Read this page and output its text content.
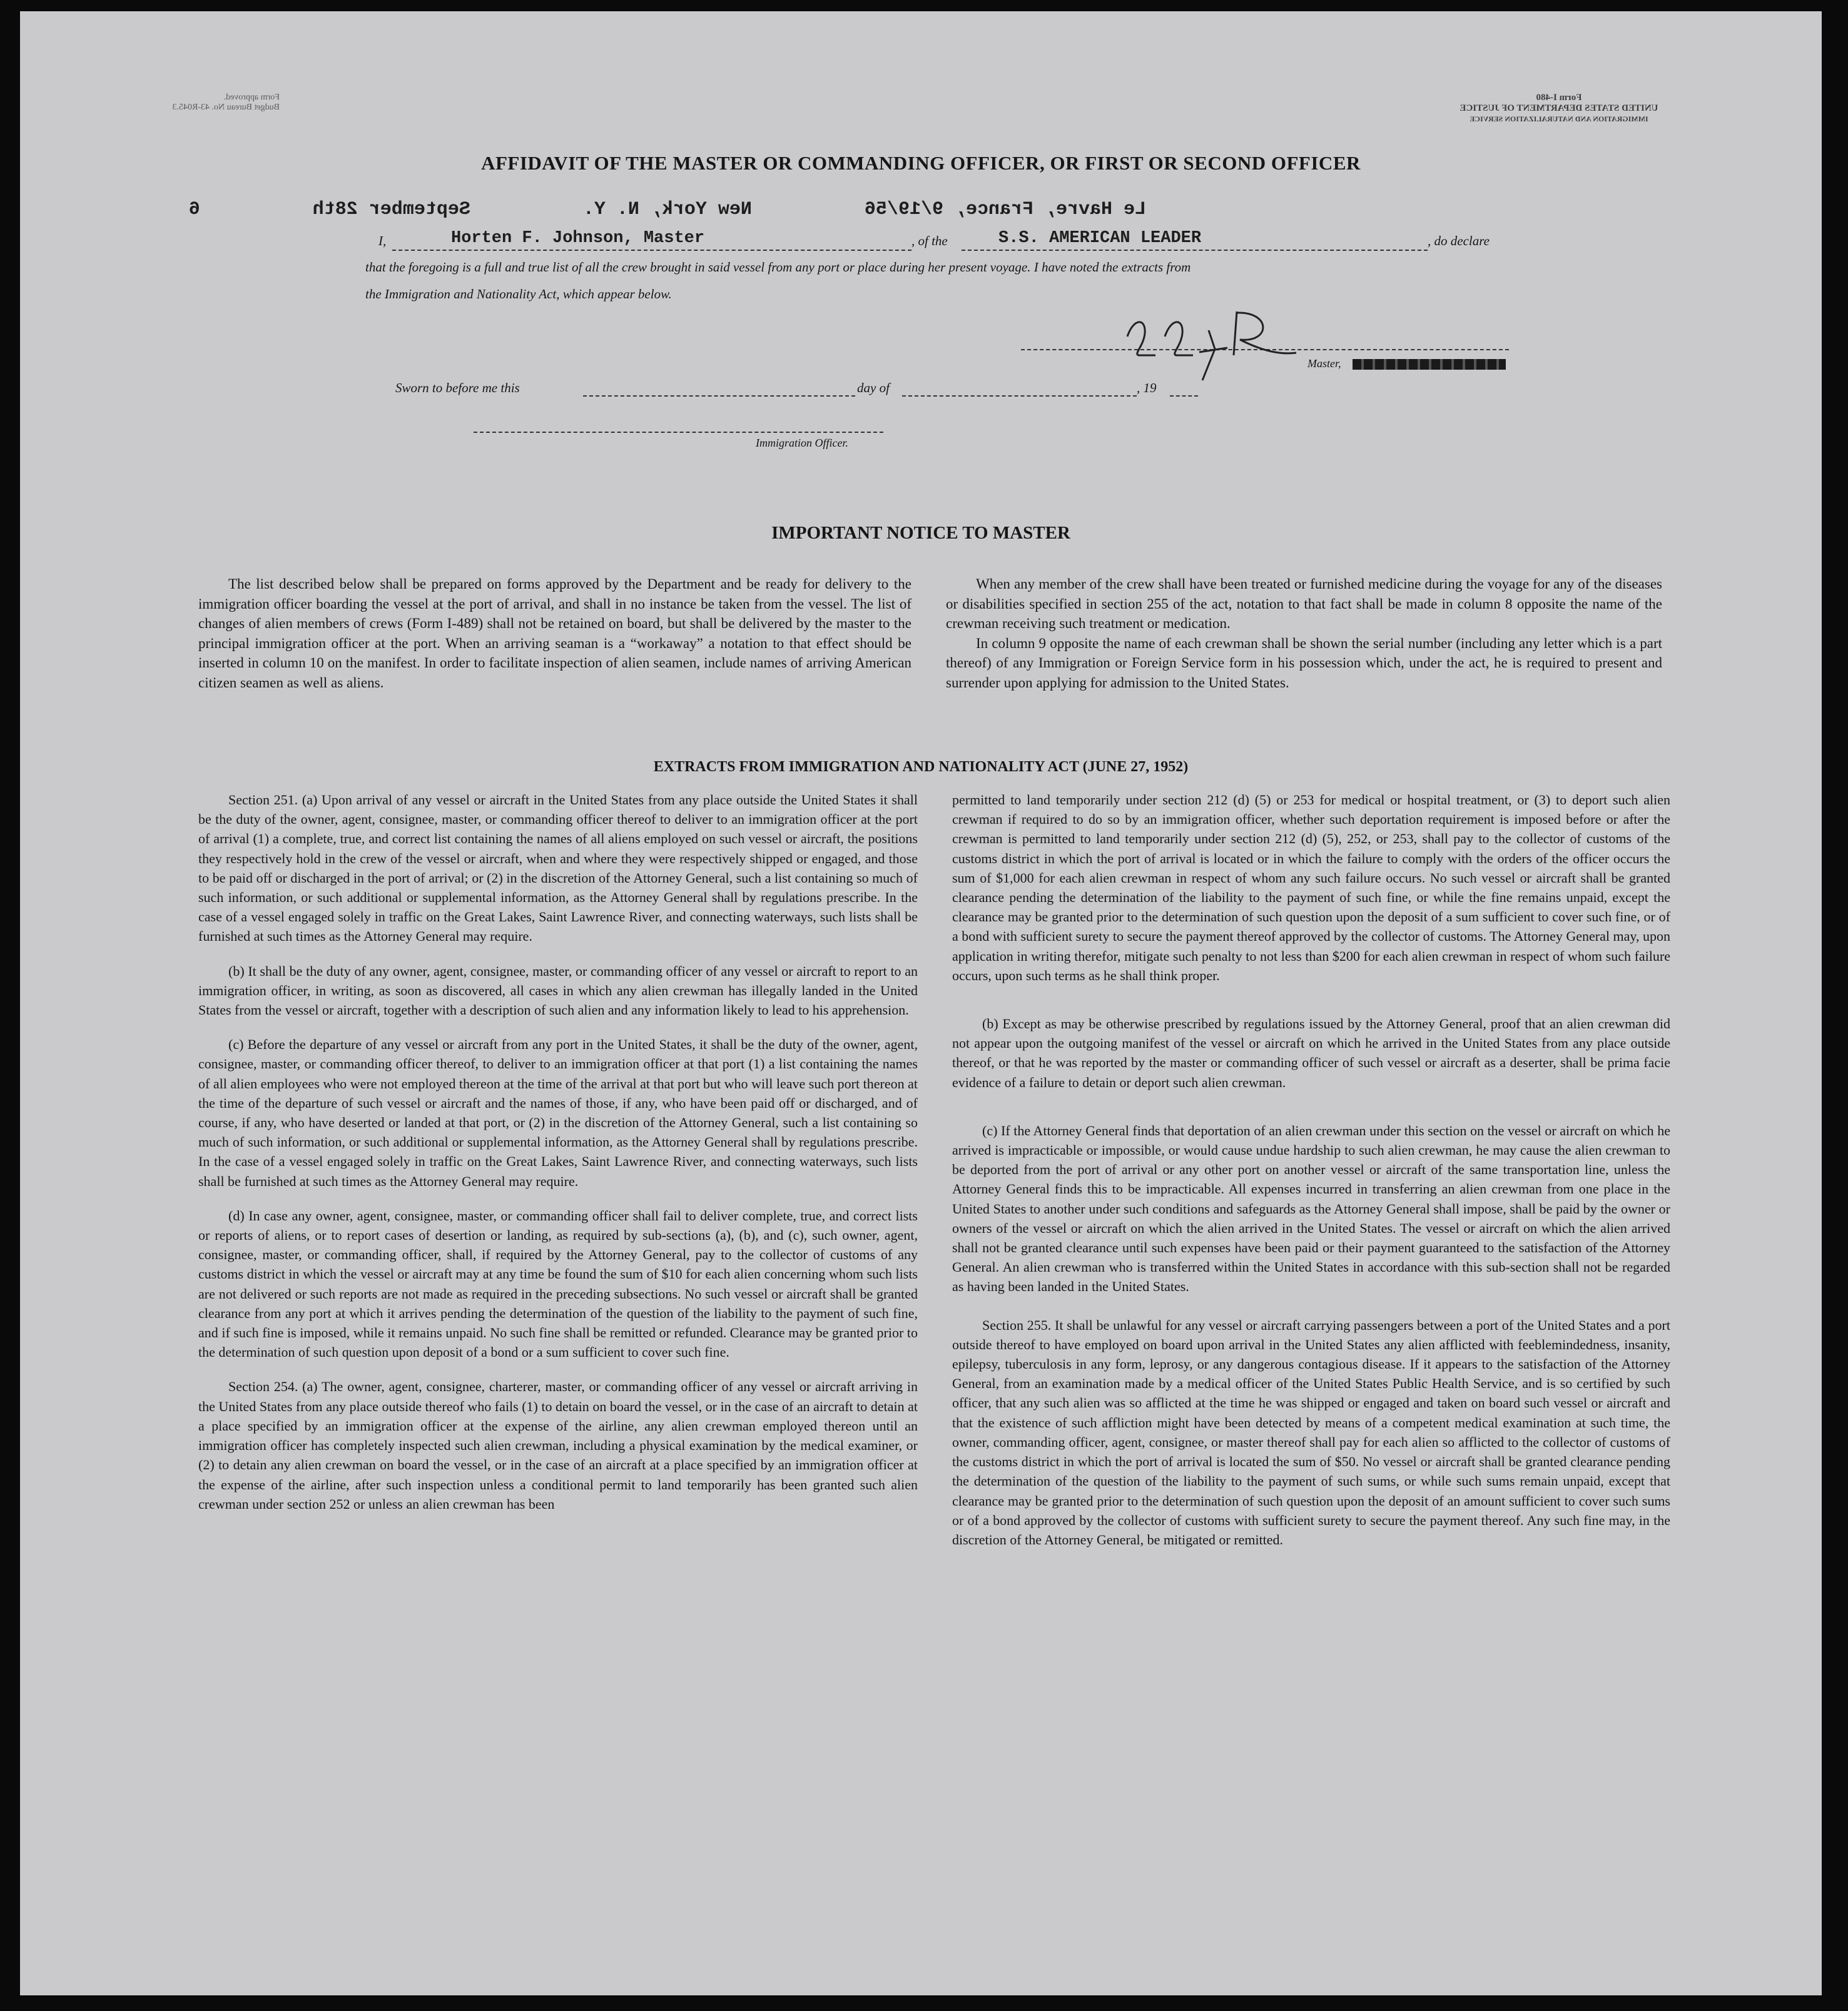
Form approved.
Budget Bureau No. 43-R045.3
Form I-480
UNITED STATES DEPARTMENT OF JUSTICE
IMMIGRATION AND NATURALIZATION SERVICE
AFFIDAVIT OF THE MASTER OR COMMANDING OFFICER, OR FIRST OR SECOND OFFICER
Le Havre, France, 9/19/56          New York, N. Y.          September 28th          6
I,	Horten F. Johnson, Master	, of the	S.S. AMERICAN LEADER	, do declare
that the foregoing is a full and true list of all the crew brought in said vessel from any port or place during her present voyage. I have noted the extracts from
the Immigration and Nationality Act, which appear below.
Master,
Sworn to before me this	day of	, 19
Immigration Officer.
IMPORTANT NOTICE TO MASTER

The list described below shall be prepared on forms approved by the Department and be ready for delivery to the immigration officer boarding the vessel at the port of arrival, and shall in no instance be taken from the vessel. The list of changes of alien members of crews (Form I-489) shall not be retained on board, but shall be delivered by the master to the principal immigration officer at the port. When an arriving seaman is a “workaway” a notation to that effect should be inserted in column 10 on the manifest. In order to facilitate inspection of alien seamen, include names of arriving American citizen seamen as well as aliens.

When any member of the crew shall have been treated or furnished medicine during the voyage for any of the diseases or disabilities specified in section 255 of the act, notation to that fact shall be made in column 8 opposite the name of the crewman receiving such treatment or medication.

In column 9 opposite the name of each crewman shall be shown the serial number (including any letter which is a part thereof) of any Immigration or Foreign Service form in his possession which, under the act, he is required to present and surrender upon applying for admission to the United States.

EXTRACTS FROM IMMIGRATION AND NATIONALITY ACT (JUNE 27, 1952)

Section 251. (a) Upon arrival of any vessel or aircraft in the United States from any place outside the United States it shall be the duty of the owner, agent, consignee, master, or commanding officer thereof to deliver to an immigration officer at the port of arrival (1) a complete, true, and correct list containing the names of all aliens employed on such vessel or aircraft, the positions they respectively hold in the crew of the vessel or aircraft, when and where they were respectively shipped or engaged, and those to be paid off or discharged in the port of arrival; or (2) in the discretion of the Attorney General, such a list containing so much of such information, or such additional or supplemental information, as the Attorney General shall by regulations prescribe. In the case of a vessel engaged solely in traffic on the Great Lakes, Saint Lawrence River, and connecting waterways, such lists shall be furnished at such times as the Attorney General may require.

(b) It shall be the duty of any owner, agent, consignee, master, or commanding officer of any vessel or aircraft to report to an immigration officer, in writing, as soon as discovered, all cases in which any alien crewman has illegally landed in the United States from the vessel or aircraft, together with a description of such alien and any information likely to lead to his apprehension.

(c) Before the departure of any vessel or aircraft from any port in the United States, it shall be the duty of the owner, agent, consignee, master, or commanding officer thereof, to deliver to an immigration officer at that port (1) a list containing the names of all alien employees who were not employed thereon at the time of the arrival at that port but who will leave such port thereon at the time of the departure of such vessel or aircraft and the names of those, if any, who have been paid off or discharged, and of course, if any, who have deserted or landed at that port, or (2) in the discretion of the Attorney General, such a list containing so much of such information, or such additional or supplemental information, as the Attorney General shall by regulations prescribe. In the case of a vessel engaged solely in traffic on the Great Lakes, Saint Lawrence River, and connecting waterways, such lists shall be furnished at such times as the Attorney General may require.

(d) In case any owner, agent, consignee, master, or commanding officer shall fail to deliver complete, true, and correct lists or reports of aliens, or to report cases of desertion or landing, as required by sub-sections (a), (b), and (c), such owner, agent, consignee, master, or commanding officer, shall, if required by the Attorney General, pay to the collector of customs of any customs district in which the vessel or aircraft may at any time be found the sum of $10 for each alien concerning whom such lists are not delivered or such reports are not made as required in the preceding subsections. No such vessel or aircraft shall be granted clearance from any port at which it arrives pending the determination of the question of the liability to the payment of such fine, and if such fine is imposed, while it remains unpaid. No such fine shall be remitted or refunded. Clearance may be granted prior to the determination of such question upon deposit of a bond or a sum sufficient to cover such fine.

Section 254. (a) The owner, agent, consignee, charterer, master, or commanding officer of any vessel or aircraft arriving in the United States from any place outside thereof who fails (1) to detain on board the vessel, or in the case of an aircraft to detain at a place specified by an immigration officer at the expense of the airline, any alien crewman employed thereon until an immigration officer has completely inspected such alien crewman, including a physical examination by the medical examiner, or (2) to detain any alien crewman on board the vessel, or in the case of an aircraft at a place specified by an immigration officer at the expense of the airline, after such inspection unless a conditional permit to land temporarily has been granted such alien crewman under section 252 or unless an alien crewman has been

permitted to land temporarily under section 212 (d) (5) or 253 for medical or hospital treatment, or (3) to deport such alien crewman if required to do so by an immigration officer, whether such deportation requirement is imposed before or after the crewman is permitted to land temporarily under section 212 (d) (5), 252, or 253, shall pay to the collector of customs of the customs district in which the port of arrival is located or in which the failure to comply with the orders of the officer occurs the sum of $1,000 for each alien crewman in respect of whom any such failure occurs. No such vessel or aircraft shall be granted clearance pending the determination of the liability to the payment of such fine, or while the fine remains unpaid, except the clearance may be granted prior to the determination of such question upon the deposit of a sum sufficient to cover such fine, or of a bond with sufficient surety to secure the payment thereof approved by the collector of customs. The Attorney General may, upon application in writing therefor, mitigate such penalty to not less than $200 for each alien crewman in respect of whom such failure occurs, upon such terms as he shall think proper.

(b) Except as may be otherwise prescribed by regulations issued by the Attorney General, proof that an alien crewman did not appear upon the outgoing manifest of the vessel or aircraft on which he arrived in the United States from any place outside thereof, or that he was reported by the master or commanding officer of such vessel or aircraft as a deserter, shall be prima facie evidence of a failure to detain or deport such alien crewman.

(c) If the Attorney General finds that deportation of an alien crewman under this section on the vessel or aircraft on which he arrived is impracticable or impossible, or would cause undue hardship to such alien crewman, he may cause the alien crewman to be deported from the port of arrival or any other port on another vessel or aircraft of the same transportation line, unless the Attorney General finds this to be impracticable. All expenses incurred in transferring an alien crewman from one place in the United States to another under such conditions and safeguards as the Attorney General shall impose, shall be paid by the owner or owners of the vessel or aircraft on which the alien arrived in the United States. The vessel or aircraft on which the alien arrived shall not be granted clearance until such expenses have been paid or their payment guaranteed to the satisfaction of the Attorney General. An alien crewman who is transferred within the United States in accordance with this sub-section shall not be regarded as having been landed in the United States.

Section 255. It shall be unlawful for any vessel or aircraft carrying passengers between a port of the United States and a port outside thereof to have employed on board upon arrival in the United States any alien afflicted with feeblemindedness, insanity, epilepsy, tuberculosis in any form, leprosy, or any dangerous contagious disease. If it appears to the satisfaction of the Attorney General, from an examination made by a medical officer of the United States Public Health Service, and is so certified by such officer, that any such alien was so afflicted at the time he was shipped or engaged and taken on board such vessel or aircraft and that the existence of such affliction might have been detected by means of a competent medical examination at such time, the owner, commanding officer, agent, consignee, or master thereof shall pay for each alien so afflicted to the collector of customs of the customs district in which the port of arrival is located the sum of $50. No vessel or aircraft shall be granted clearance pending the determination of the question of the liability to the payment of such sums, or while such sums remain unpaid, except that clearance may be granted prior to the determination of such question upon the deposit of an amount sufficient to cover such sums or of a bond approved by the collector of customs with sufficient surety to secure the payment thereof. Any such fine may, in the discretion of the Attorney General, be mitigated or remitted.
